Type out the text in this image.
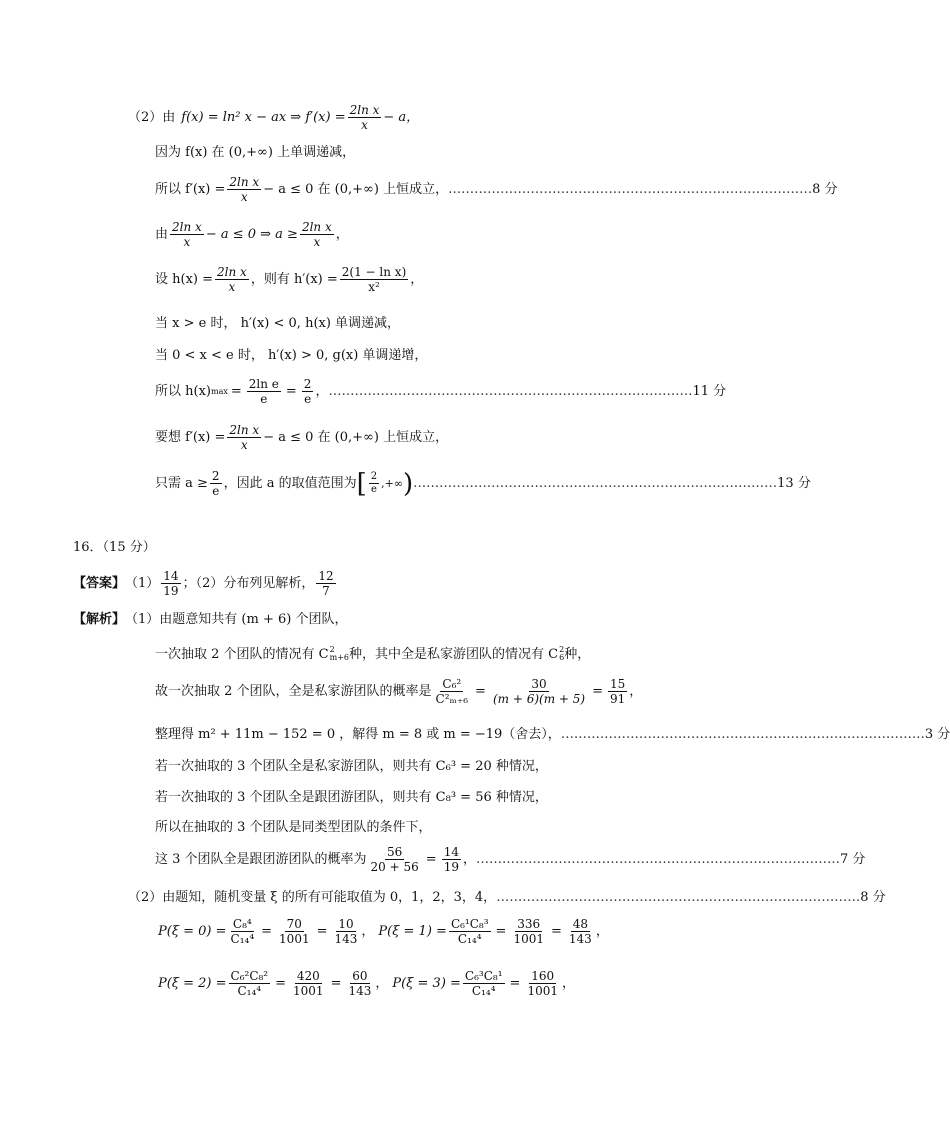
（2）由 f(x) = ln² x − ax ⇒ $f'(x) = \frac{\text{2ln x}}{x} - a$，
因为 f(x) 在 (0,+∞) 上单调递减，
所以 $f'(x) = \frac{\text{2ln x}}{x} - a \le 0$ 在 (0,+∞) 上恒成立， ………………………………………………………………………… 8 分
由 $\frac{\text{2ln x}}{x} - a \le 0$ ⇒ $a \ge \frac{\text{2ln x}}{x}$ ，
设 $h(x) = \frac{\text{2ln x}}{x}$ ，则有 $h'(x) = \frac{\text{2(1 − ln x)}}{\text{x²}}$ ，
当 x > e 时， h′(x) < 0, h(x) 单调递减，
当 0 < x < e 时， h′(x) > 0, g(x) 单调递增，
所以 h(x) $\max = \frac{\text{2ln e}}{e} = \frac{2}{e}$ ， ………………………………………………………………………… 11 分
要想 $f'(x) = \frac{\text{2ln x}}{x} - a \le 0$ 在 (0,+∞) 上恒成立，
只需 $a \ge \frac{2}{e}$ ，因此 a 的取值范围为 [ $\frac{2}{e}$ ,+∞ ) ………………………………………………………………………… 13 分
16．（15 分）
【答案】 $(1) \frac{14}{19}$ ；（2）分布列见解析， $\frac{12}{7}$
【解析】 （1）由题意知共有 (m + 6) 个团队，
一次抽取 2 个团队的情况有 C 2
m+6 种，其中全是私家游团队的情况有 C 2
6 种，
故一次抽取 2 个团队，全是私家游团队的概率是 $\frac{\text{C₆²}}{\text{C²ₘ₊₆}} = \frac{30}{(m + 6)(m + 5)} = \frac{15}{91}$ ，
整理得 m² + 11m − 152 = 0 ，解得 m = 8 或 m = −19（舍去）， ………………………………………………………………………… 3 分
若一次抽取的 3 个团队全是私家游团队，则共有 C₆³ = 20 种情况，
若一次抽取的 3 个团队全是跟团游团队，则共有 C₈³ = 56 种情况，
所以在抽取的 3 个团队是同类型团队的条件下，
这 3 个团队全是跟团游团队的概率为 $\frac{56}{20 + 56} = \frac{14}{19}$ ， ………………………………………………………………………… 7 分
（2）由题知，随机变量 ξ 的所有可能取值为 0，1，2，3，4， ………………………………………………………………………… 8 分
$P(\xi = 0) = \frac{\text{C₈⁴}}{\text{C₁₄⁴}} = \frac{70}{1001} = \frac{10}{143}$ ， $P(\xi = 1) = \frac{\text{C₆¹C₈³}}{\text{C₁₄⁴}} = \frac{336}{1001} = \frac{48}{143}$ ，
$P(\xi = 2) = \frac{\text{C₆²C₈²}}{\text{C₁₄⁴}} = \frac{420}{1001} = \frac{60}{143}$ ， $P(\xi = 3) = \frac{\text{C₆³C₈¹}}{\text{C₁₄⁴}} = \frac{160}{1001}$ ，
